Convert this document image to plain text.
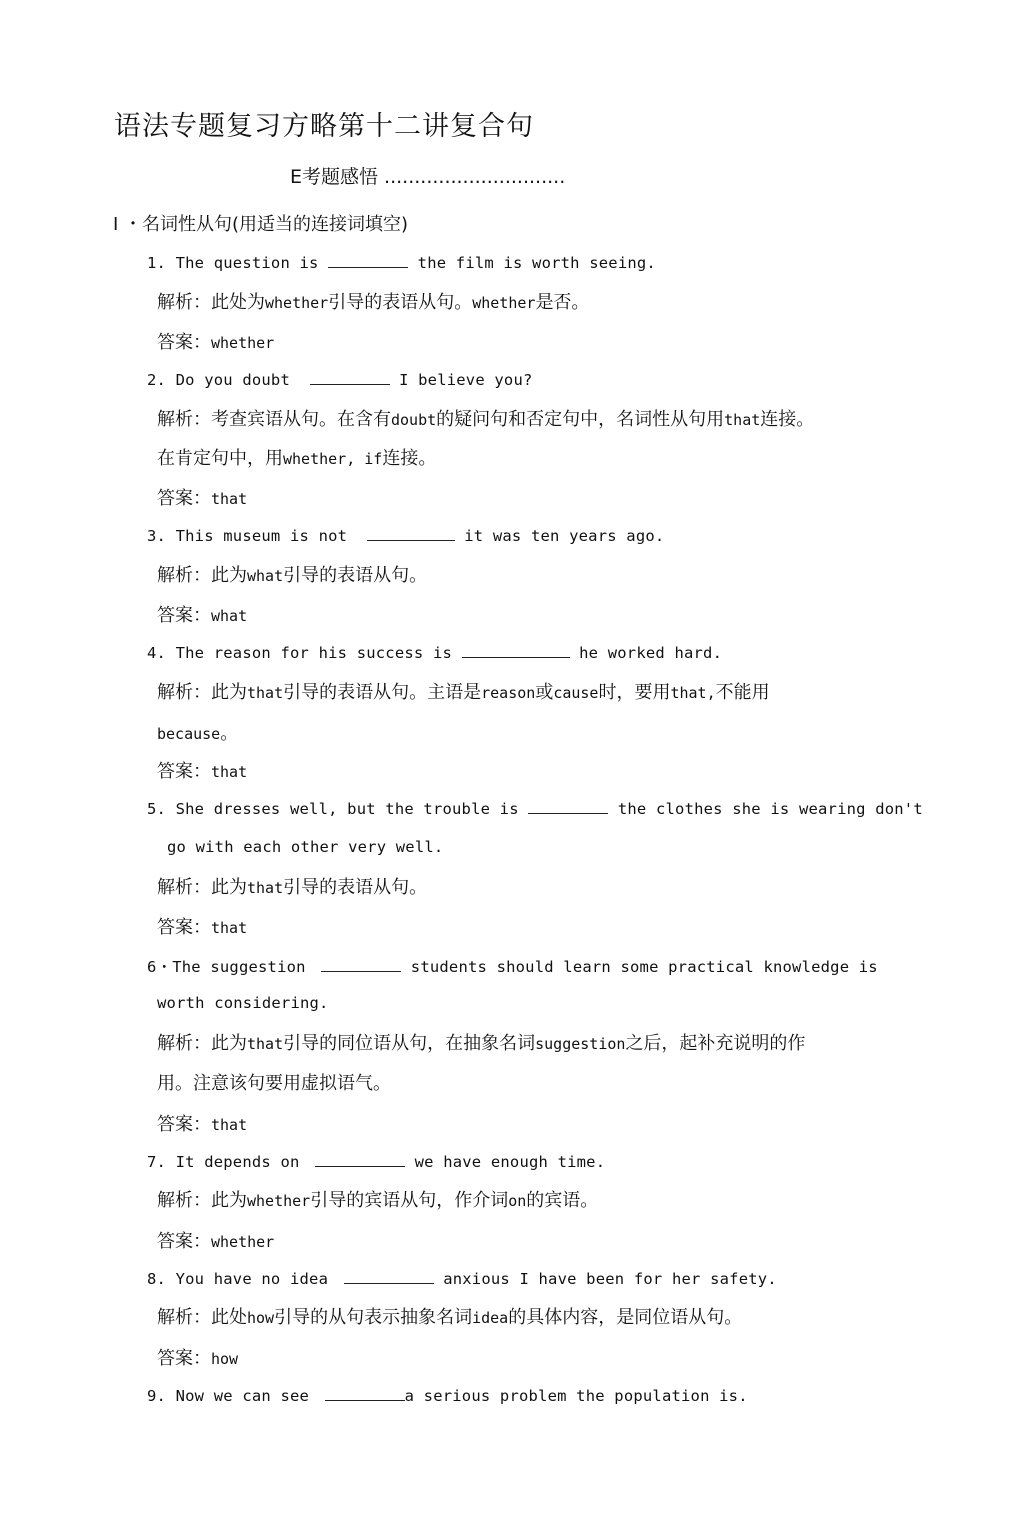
语法专题复习方略第十二讲复合句
E考题感悟 ..............................
I ・名词性从句(用适当的连接词填空)
1. The question is	the film is worth seeing.
解析：此处为whether引导的表语从句。whether是否。
答案：whether
2. Do you doubt	I believe you?
解析：考查宾语从句。在含有doubt的疑问句和否定句中，名词性从句用that连接。
在肯定句中，用whether, if连接。
答案：that
3. This museum is not	it was ten years ago.
解析：此为what引导的表语从句。
答案：what
4. The reason for his success is	he worked hard.
解析：此为that引导的表语从句。主语是reason或cause时，要用that,不能用
because。
答案：that
5. She dresses well, but the trouble is	the clothes she is wearing don't
go with each other very well.
解析：此为that引导的表语从句。
答案：that
6・The suggestion	students should learn some practical knowledge is
worth considering.
解析：此为that引导的同位语从句，在抽象名词suggestion之后，起补充说明的作
用。注意该句要用虚拟语气。
答案：that
7. It depends on	we have enough time.
解析：此为whether引导的宾语从句，作介词on的宾语。
答案：whether
8. You have no idea	anxious I have been for her safety.
解析：此处how引导的从句表示抽象名词idea的具体内容，是同位语从句。
答案：how
9. Now we can see	a serious problem the population is.
